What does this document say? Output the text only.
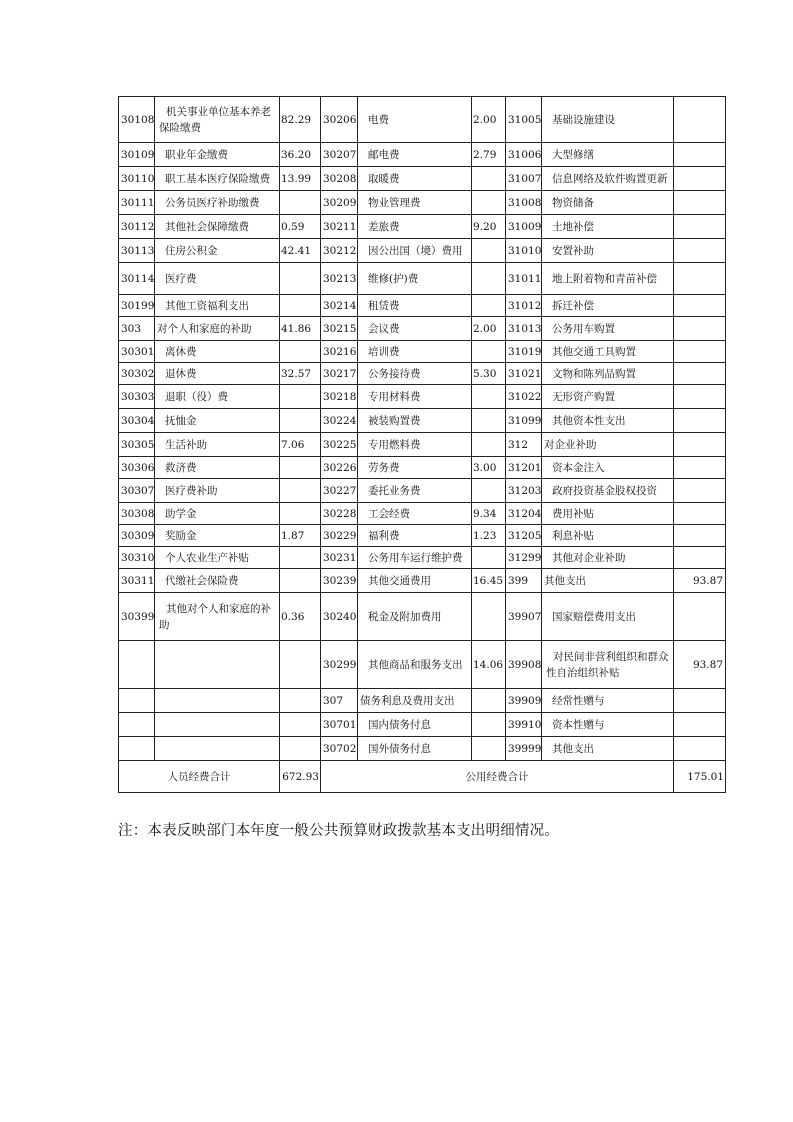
30108	机关事业单位基本养老保险缴费	82.29	30206	电费	2.00	31005	基础设施建设	
30109	职业年金缴费	36.20	30207	邮电费	2.79	31006	大型修缮	
30110	职工基本医疗保险缴费	13.99	30208	取暖费		31007	信息网络及软件购置更新	
30111	公务员医疗补助缴费		30209	物业管理费		31008	物资储备	
30112	其他社会保障缴费	0.59	30211	差旅费	9.20	31009	土地补偿	
30113	住房公积金	42.41	30212	因公出国（境）费用		31010	安置补助	
30114	医疗费		30213	维修(护)费		31011	地上附着物和青苗补偿	
30199	其他工资福利支出		30214	租赁费		31012	拆迁补偿	
303	对个人和家庭的补助	41.86	30215	会议费	2.00	31013	公务用车购置	
30301	离休费		30216	培训费		31019	其他交通工具购置	
30302	退休费	32.57	30217	公务接待费	5.30	31021	文物和陈列品购置	
30303	退职（役）费		30218	专用材料费		31022	无形资产购置	
30304	抚恤金		30224	被装购置费		31099	其他资本性支出	
30305	生活补助	7.06	30225	专用燃料费		312	对企业补助	
30306	救济费		30226	劳务费	3.00	31201	资本金注入	
30307	医疗费补助		30227	委托业务费		31203	政府投资基金股权投资	
30308	助学金		30228	工会经费	9.34	31204	费用补贴	
30309	奖励金	1.87	30229	福利费	1.23	31205	利息补贴	
30310	个人农业生产补贴		30231	公务用车运行维护费		31299	其他对企业补助	
30311	代缴社会保险费		30239	其他交通费用	16.45	399	其他支出	93.87
30399	其他对个人和家庭的补助	0.36	30240	税金及附加费用		39907	国家赔偿费用支出	
			30299	其他商品和服务支出	14.06	39908	对民间非营利组织和群众性自治组织补贴	93.87
			307	债务利息及费用支出		39909	经常性赠与	
			30701	国内债务付息		39910	资本性赠与	
			30702	国外债务付息		39999	其他支出	
人员经费合计		672.93	公用经费合计					175.01
注：本表反映部门本年度一般公共预算财政拨款基本支出明细情况。
